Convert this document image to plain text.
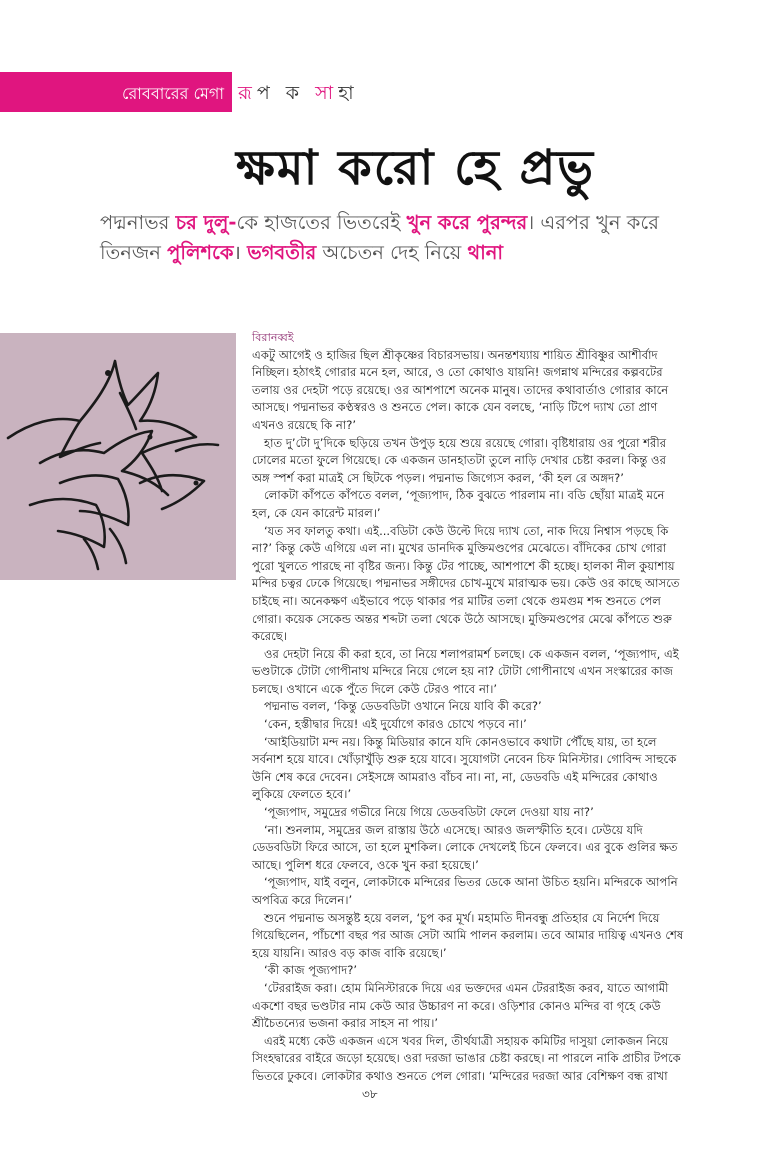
রোববারের মেগা রূপ ক সাহা
ক্ষমা করো হে প্রভু
পদ্মনাভর চর দুলু-কে হাজতের ভিতরেই খুন করে পুরন্দর। এরপর খুন করে তিনজন পুলিশকে। ভগবতীর অচেতন দেহ নিয়ে থানা
বিরানব্বই

একটু আগেই ও হাজির ছিল শ্রীকৃষ্ণের বিচারসভায়। অনন্তশয্যায় শায়িত শ্রীবিষ্ণুর আশীর্বাদ নিচ্ছিল। হঠাৎই গোরার মনে হল, আরে, ও তো কোথাও যায়নি! জগন্নাথ মন্দিরের কল্পবটের তলায় ওর দেহটা পড়ে রয়েছে। ওর আশপাশে অনেক মানুষ। তাদের কথাবার্তাও গোরার কানে আসছে। পদ্মনাভর কণ্ঠস্বরও ও শুনতে পেল। কাকে যেন বলছে, ‘নাড়ি টিপে দ্যাখ তো প্রাণ এখনও রয়েছে কি না?’

হাত দু’টো দু’দিকে ছড়িয়ে তখন উপুড় হয়ে শুয়ে রয়েছে গোরা। বৃষ্টিধারায় ওর পুরো শরীর ঢোলের মতো ফুলে গিয়েছে। কে একজন ডানহাতটা তুলে নাড়ি দেখার চেষ্টা করল। কিন্তু ওর অঙ্গ স্পর্শ করা মাত্রই সে ছিটকে পড়ল। পদ্মনাভ জিগ্যেস করল, ‘কী হল রে অঙ্গদ?’

লোকটা কাঁপতে কাঁপতে বলল, ‘পূজ্যপাদ, ঠিক বুঝতে পারলাম না। বডি ছোঁয়া মাত্রই মনে হল, কে যেন কারেন্ট মারল।’

‘যত সব ফালতু কথা। এই...বডিটা কেউ উল্টে দিয়ে দ্যাখ তো, নাক দিয়ে নিশ্বাস পড়ছে কি না?’ কিন্তু কেউ এগিয়ে এল না। মুখের ডানদিক মুক্তিমণ্ডপের মেঝেতে। বাঁদিকের চোখ গোরা পুরো খুলতে পারছে না বৃষ্টির জন্য। কিন্তু টের পাচ্ছে, আশপাশে কী হচ্ছে। হালকা নীল কুয়াশায় মন্দির চত্বর ঢেকে গিয়েছে। পদ্মনাভর সঙ্গীদের চোখ-মুখে মারাত্মক ভয়। কেউ ওর কাছে আসতে চাইছে না। অনেকক্ষণ এইভাবে পড়ে থাকার পর মাটির তলা থেকে গুমগুম শব্দ শুনতে পেল গোরা। কয়েক সেকেন্ড অন্তর শব্দটা তলা থেকে উঠে আসছে। মুক্তিমণ্ডপের মেঝে কাঁপতে শুরু করেছে।

ওর দেহটা নিয়ে কী করা হবে, তা নিয়ে শলাপরামর্শ চলছে। কে একজন বলল, ‘পূজ্যপাদ, এই ভণ্ডটাকে টোটা গোপীনাথ মন্দিরে নিয়ে গেলে হয় না? টোটা গোপীনাথে এখন সংস্কারের কাজ চলছে। ওখানে একে পুঁতে দিলে কেউ টেরও পাবে না।’

পদ্মনাভ বলল, ‘কিন্তু ডেডবডিটা ওখানে নিয়ে যাবি কী করে?’

‘কেন, হস্তীদ্বার দিয়ে! এই দুর্যোগে কারও চোখে পড়বে না।’

‘আইডিয়াটা মন্দ নয়। কিন্তু মিডিয়ার কানে যদি কোনওভাবে কথাটা পৌঁছে যায়, তা হলে সর্বনাশ হয়ে যাবে। খোঁড়াখুঁড়ি শুরু হয়ে যাবে। সুযোগটা নেবেন চিফ মিনিস্টার। গোবিন্দ সাহুকে উনি শেষ করে দেবেন। সেইসঙ্গে আমরাও বাঁচব না। না, না, ডেডবডি এই মন্দিরের কোথাও লুকিয়ে ফেলতে হবে।’

‘পূজ্যপাদ, সমুদ্রের গভীরে নিয়ে গিয়ে ডেডবডিটা ফেলে দেওয়া যায় না?’

‘না। শুনলাম, সমুদ্রের জল রাস্তায় উঠে এসেছে। আরও জলস্ফীতি হবে। ঢেউয়ে যদি ডেডবডিটা ফিরে আসে, তা হলে মুশকিল। লোকে দেখলেই চিনে ফেলবে। এর বুকে গুলির ক্ষত আছে। পুলিশ ধরে ফেলবে, ওকে খুন করা হয়েছে।’

‘পূজ্যপাদ, যাই বলুন, লোকটাকে মন্দিরের ভিতর ডেকে আনা উচিত হয়নি। মন্দিরকে আপনি অপবিত্র করে দিলেন।’

শুনে পদ্মনাভ অসন্তুষ্ট হয়ে বলল, ‘চুপ কর মূর্খ। মহামতি দীনবন্ধু প্রতিহার যে নির্দেশ দিয়ে গিয়েছিলেন, পাঁচশো বছর পর আজ সেটা আমি পালন করলাম। তবে আমার দায়িত্ব এখনও শেষ হয়ে যায়নি। আরও বড় কাজ বাকি রয়েছে।’

‘কী কাজ পূজ্যপাদ?’

‘টেররাইজ করা। হোম মিনিস্টারকে দিয়ে এর ভক্তদের এমন টেররাইজ করব, যাতে আগামী একশো বছর ভণ্ডটার নাম কেউ আর উচ্চারণ না করে। ওড়িশার কোনও মন্দির বা গৃহে কেউ শ্রীচৈতন্যের ভজনা করার সাহস না পায়।’

এরই মধ্যে কেউ একজন এসে খবর দিল, তীর্থযাত্রী সহায়ক কমিটির দাসুয়া লোকজন নিয়ে সিংহদ্বারের বাইরে জড়ো হয়েছে। ওরা দরজা ভাঙার চেষ্টা করছে। না পারলে নাকি প্রাচীর টপকে ভিতরে ঢুকবে। লোকটার কথাও শুনতে পেল গোরা। ‘মন্দিরের দরজা আর বেশিক্ষণ বন্ধ রাখা

৩৮
